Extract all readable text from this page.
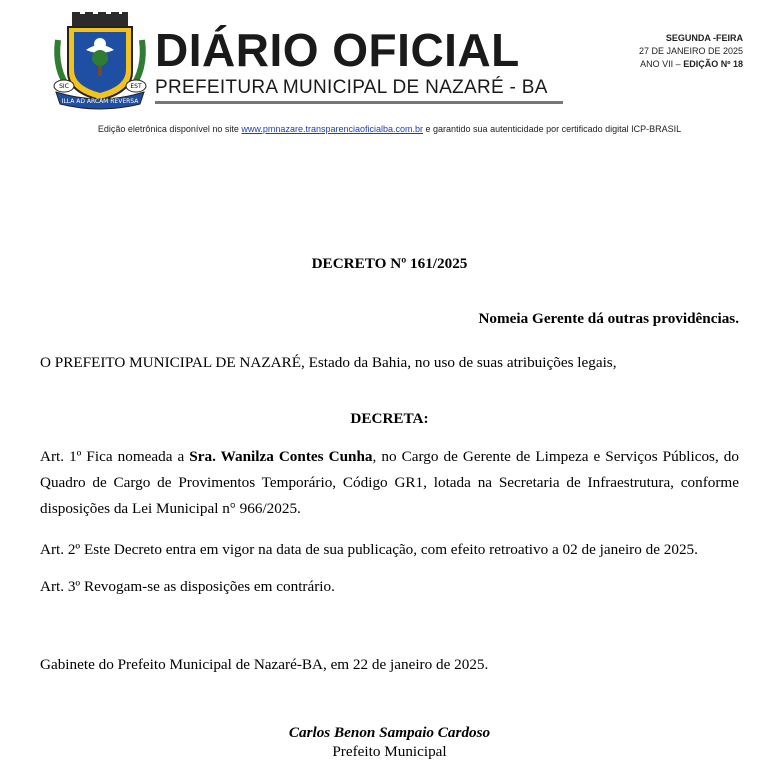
ILLA AD ARCAM REVERSA
SIC	EST
DIÁRIO OFICIAL
PREFEITURA MUNICIPAL DE NAZARÉ - BA
SEGUNDA -FEIRA
27 DE JANEIRO DE 2025
ANO VII – EDIÇÃO Nº 18
Edição eletrônica disponível no site www.pmnazare.transparenciaoficialba.com.br e garantido sua autenticidade por certificado digital ICP-BRASIL
DECRETO Nº 161/2025
Nomeia Gerente dá outras providências.
O PREFEITO MUNICIPAL DE NAZARÉ, Estado da Bahia, no uso de suas atribuições legais,
DECRETA:
Art. 1º Fica nomeada a Sra. Wanilza Contes Cunha, no Cargo de Gerente de Limpeza e Serviços Públicos, do Quadro de Cargo de Provimentos Temporário, Código GR1, lotada na Secretaria de Infraestrutura, conforme disposições da Lei Municipal n° 966/2025.
Art. 2º Este Decreto entra em vigor na data de sua publicação, com efeito retroativo a 02 de janeiro de 2025.
Art. 3º Revogam-se as disposições em contrário.
Gabinete do Prefeito Municipal de Nazaré-BA, em 22 de janeiro de 2025.
Carlos Benon Sampaio Cardoso
Prefeito Municipal
